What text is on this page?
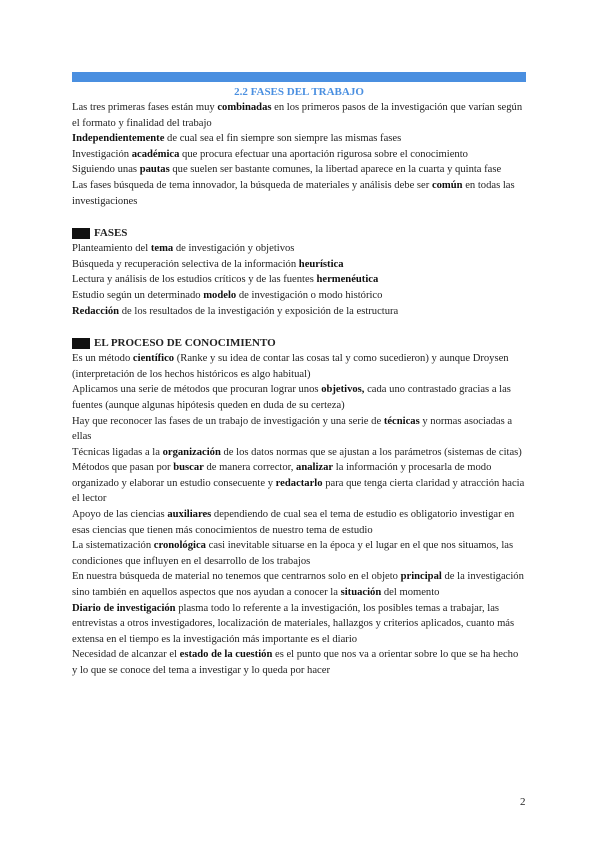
2.2 FASES DEL TRABAJO

Las tres primeras fases están muy combinadas en los primeros pasos de la investigación que varían según el formato y finalidad del trabajo

Independientemente de cual sea el fin siempre son siempre las mismas fases

Investigación académica que procura efectuar una aportación rigurosa sobre el conocimiento

Siguiendo unas pautas que suelen ser bastante comunes, la libertad aparece en la cuarta y quinta fase

Las fases búsqueda de tema innovador, la búsqueda de materiales y análisis debe ser común en todas las investigaciones

FASES

Planteamiento del tema de investigación y objetivos

Búsqueda y recuperación selectiva de la información heurística

Lectura y análisis de los estudios críticos y de las fuentes hermenéutica

Estudio según un determinado modelo de investigación o modo histórico

Redacción de los resultados de la investigación y exposición de la estructura

EL PROCESO DE CONOCIMIENTO

Es un método científico (Ranke y su idea de contar las cosas tal y como sucedieron) y aunque Droysen (interpretación de los hechos históricos es algo habitual)

Aplicamos una serie de métodos que procuran lograr unos objetivos, cada uno contrastado gracias a las fuentes (aunque algunas hipótesis queden en duda de su certeza)

Hay que reconocer las fases de un trabajo de investigación y una serie de técnicas y normas asociadas a ellas

Técnicas ligadas a la organización de los datos normas que se ajustan a los parámetros (sistemas de citas)

Métodos que pasan por buscar de manera corrector, analizar la información y procesarla de modo organizado y elaborar un estudio consecuente y redactarlo para que tenga cierta claridad y atracción hacia el lector

Apoyo de las ciencias auxiliares dependiendo de cual sea el tema de estudio es obligatorio investigar en esas ciencias que tienen más conocimientos de nuestro tema de estudio

La sistematización cronológica casi inevitable situarse en la época y el lugar en el que nos situamos, las condiciones que influyen en el desarrollo de los trabajos

En nuestra búsqueda de material no tenemos que centrarnos solo en el objeto principal de la investigación sino también en aquellos aspectos que nos ayudan a conocer la situación del momento

Diario de investigación plasma todo lo referente a la investigación, los posibles temas a trabajar, las entrevistas a otros investigadores, localización de materiales, hallazgos y criterios aplicados, cuanto más extensa en el tiempo es la investigación más importante es el diario

Necesidad de alcanzar el estado de la cuestión es el punto que nos va a orientar sobre lo que se ha hecho y lo que se conoce del tema a investigar y lo queda por hacer

2
